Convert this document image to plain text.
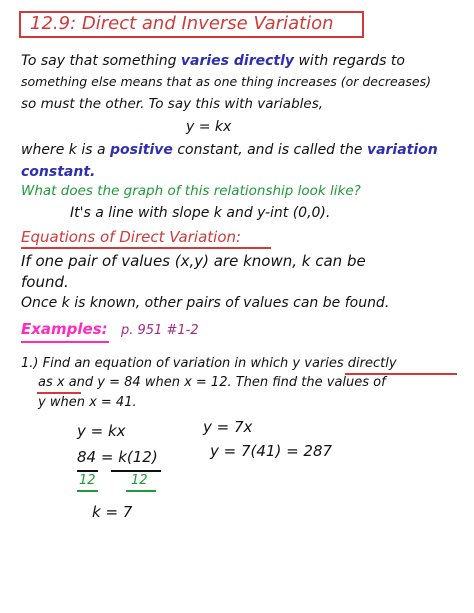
12.9: Direct and Inverse Variation
To say that something varies directly with regards to
something else means that as one thing increases (or decreases)
so must the other. To say this with variables,
y = kx
where k is a positive constant, and is called the variation
constant.
What does the graph of this relationship look like?
It's a line with slope k and y-int (0,0).
Equations of Direct Variation:
If one pair of values (x,y) are known, k can be
found.
Once k is known, other pairs of values can be found.
Examples: p. 951 #1-2
1.) Find an equation of variation in which y varies directly
as x and y = 84 when x = 12. Then find the values of
y when x = 41.
y = kx
84 = k(12)
12	12
k = 7
y = 7x
y = 7(41) = 287
